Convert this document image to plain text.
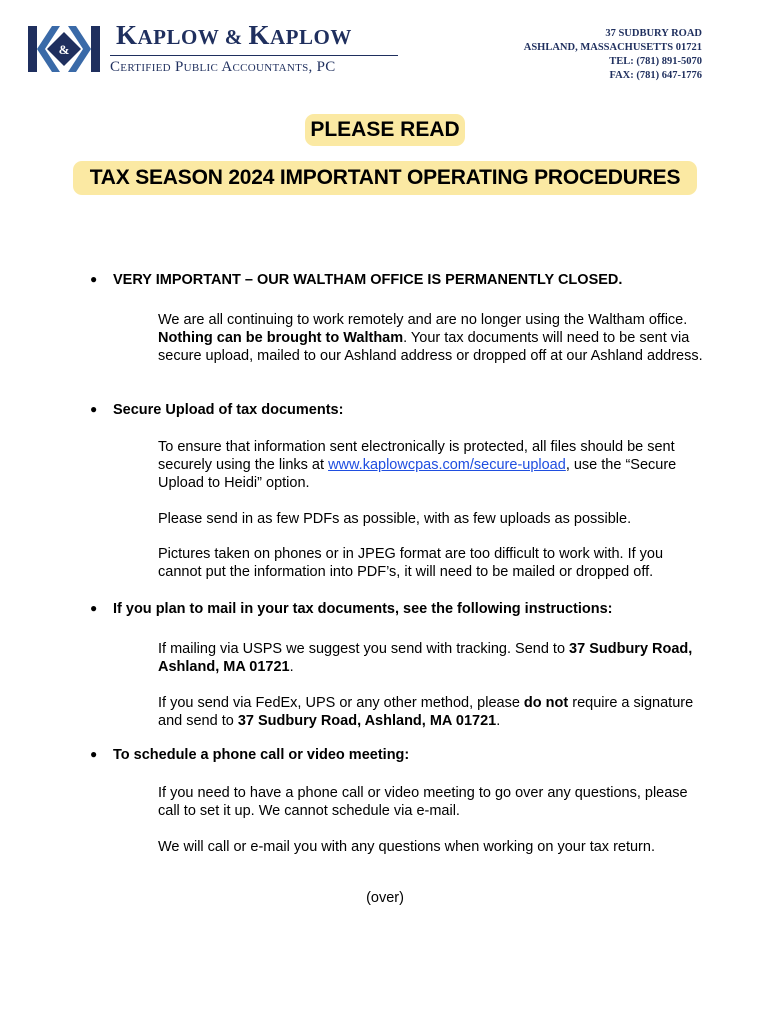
& KAPLOW & KAPLOW
Certified Public Accountants, PC
37 SUDBURY ROAD
ASHLAND, MASSACHUSETTS 01721
TEL: (781) 891-5070
FAX: (781) 647-1776
PLEASE READ
TAX SEASON 2024 IMPORTANT OPERATING PROCEDURES
● VERY IMPORTANT – OUR WALTHAM OFFICE IS PERMANENTLY CLOSED.
We are all continuing to work remotely and are no longer using the Waltham office. Nothing can be brought to Waltham. Your tax documents will need to be sent via secure upload, mailed to our Ashland address or dropped off at our Ashland address.
● Secure Upload of tax documents:
To ensure that information sent electronically is protected, all files should be sent securely using the links at www.kaplowcpas.com/secure-upload, use the “Secure Upload to Heidi” option.
Please send in as few PDFs as possible, with as few uploads as possible.
Pictures taken on phones or in JPEG format are too difficult to work with. If you cannot put the information into PDF’s, it will need to be mailed or dropped off.
● If you plan to mail in your tax documents, see the following instructions:
If mailing via USPS we suggest you send with tracking. Send to 37 Sudbury Road, Ashland, MA 01721.
If you send via FedEx, UPS or any other method, please do not require a signature and send to 37 Sudbury Road, Ashland, MA 01721.
● To schedule a phone call or video meeting:
If you need to have a phone call or video meeting to go over any questions, please call to set it up. We cannot schedule via e-mail.
We will call or e-mail you with any questions when working on your tax return.
(over)
